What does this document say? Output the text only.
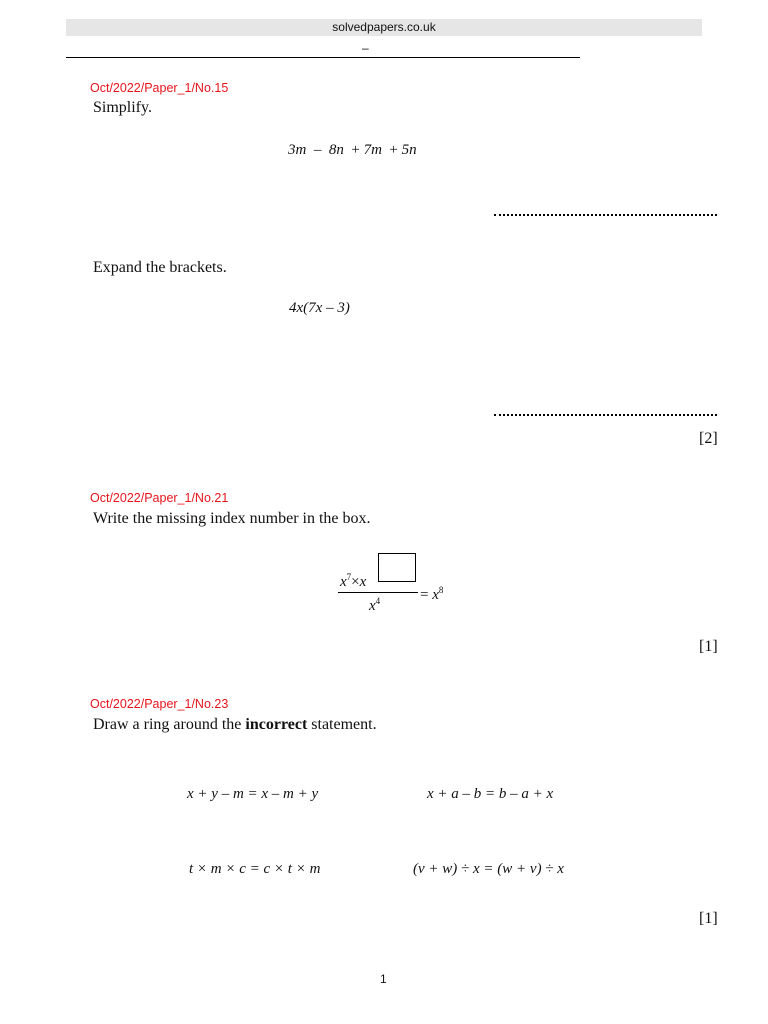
solvedpapers.co.uk
–
Oct/2022/Paper_1/No.15
Simplify.
3m – 8n + 7m + 5n
Expand the brackets.
4x(7x – 3)
[2]
Oct/2022/Paper_1/No.21
Write the missing index number in the box.
$x^7\times x$
$x^4$	= $x^8$
[1]
Oct/2022/Paper_1/No.23
Draw a ring around the incorrect statement.
x + y – m = x – m + y	x + a – b = b – a + x
t × m × c = c × t × m	(v + w) ÷ x = (w + v) ÷ x
[1]
1
